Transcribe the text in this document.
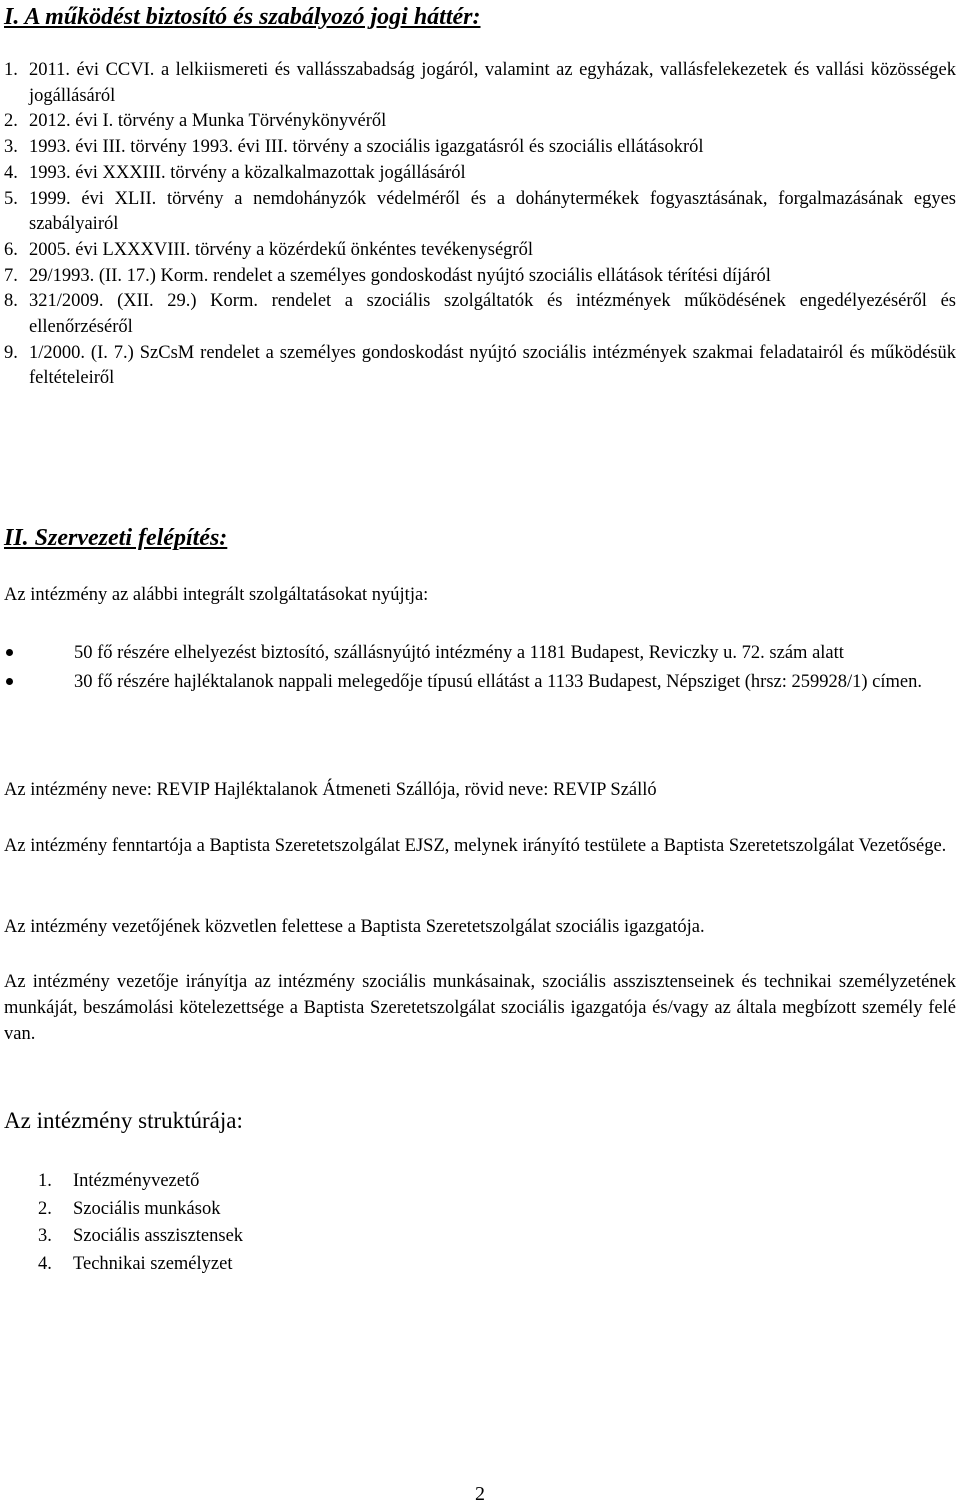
I. A működést biztosító és szabályozó jogi háttér:
1. 2011. évi CCVI. a lelkiismereti és vallásszabadság jogáról, valamint az egyházak, vallásfelekezetek és vallási közösségek jogállásáról
2. 2012. évi I. törvény a Munka Törvénykönyvéről
3. 1993. évi III. törvény 1993. évi III. törvény a szociális igazgatásról és szociális ellátásokról
4. 1993. évi XXXIII. törvény a közalkalmazottak jogállásáról
5. 1999. évi XLII. törvény a nemdohányzók védelméről és a dohánytermékek fogyasztásának, forgalmazásának egyes szabályairól
6. 2005. évi LXXXVIII. törvény a közérdekű önkéntes tevékenységről
7. 29/1993. (II. 17.) Korm. rendelet a személyes gondoskodást nyújtó szociális ellátások térítési díjáról
8. 321/2009. (XII. 29.) Korm. rendelet a szociális szolgáltatók és intézmények működésének engedélyezéséről és ellenőrzéséről
9. 1/2000. (I. 7.) SzCsM rendelet a személyes gondoskodást nyújtó szociális intézmények szakmai feladatairól és működésük feltételeiről
II. Szervezeti felépítés:

Az intézmény az alábbi integrált szolgáltatásokat nyújtja:

50 fő részére elhelyezést biztosító, szállásnyújtó intézmény a 1181 Budapest, Reviczky u. 72. szám alatt
30 fő részére hajléktalanok nappali melegedője típusú ellátást a 1133 Budapest, Népsziget (hrsz: 259928/1) címen.

Az intézmény neve: REVIP Hajléktalanok Átmeneti Szállója, rövid neve: REVIP Szálló

Az intézmény fenntartója a Baptista Szeretetszolgálat EJSZ, melynek irányító testülete a Baptista Szeretetszolgálat Vezetősége.

Az intézmény vezetőjének közvetlen felettese a Baptista Szeretetszolgálat szociális igazgatója.

Az intézmény vezetője irányítja az intézmény szociális munkásainak, szociális asszisztenseinek és technikai személyzetének munkáját, beszámolási kötelezettsége a Baptista Szeretetszolgálat szociális igazgatója és/vagy az általa megbízott személy felé van.

Az intézmény struktúrája:
1.	Intézményvezető
2.	Szociális munkások
3.	Szociális asszisztensek
4.	Technikai személyzet
2
